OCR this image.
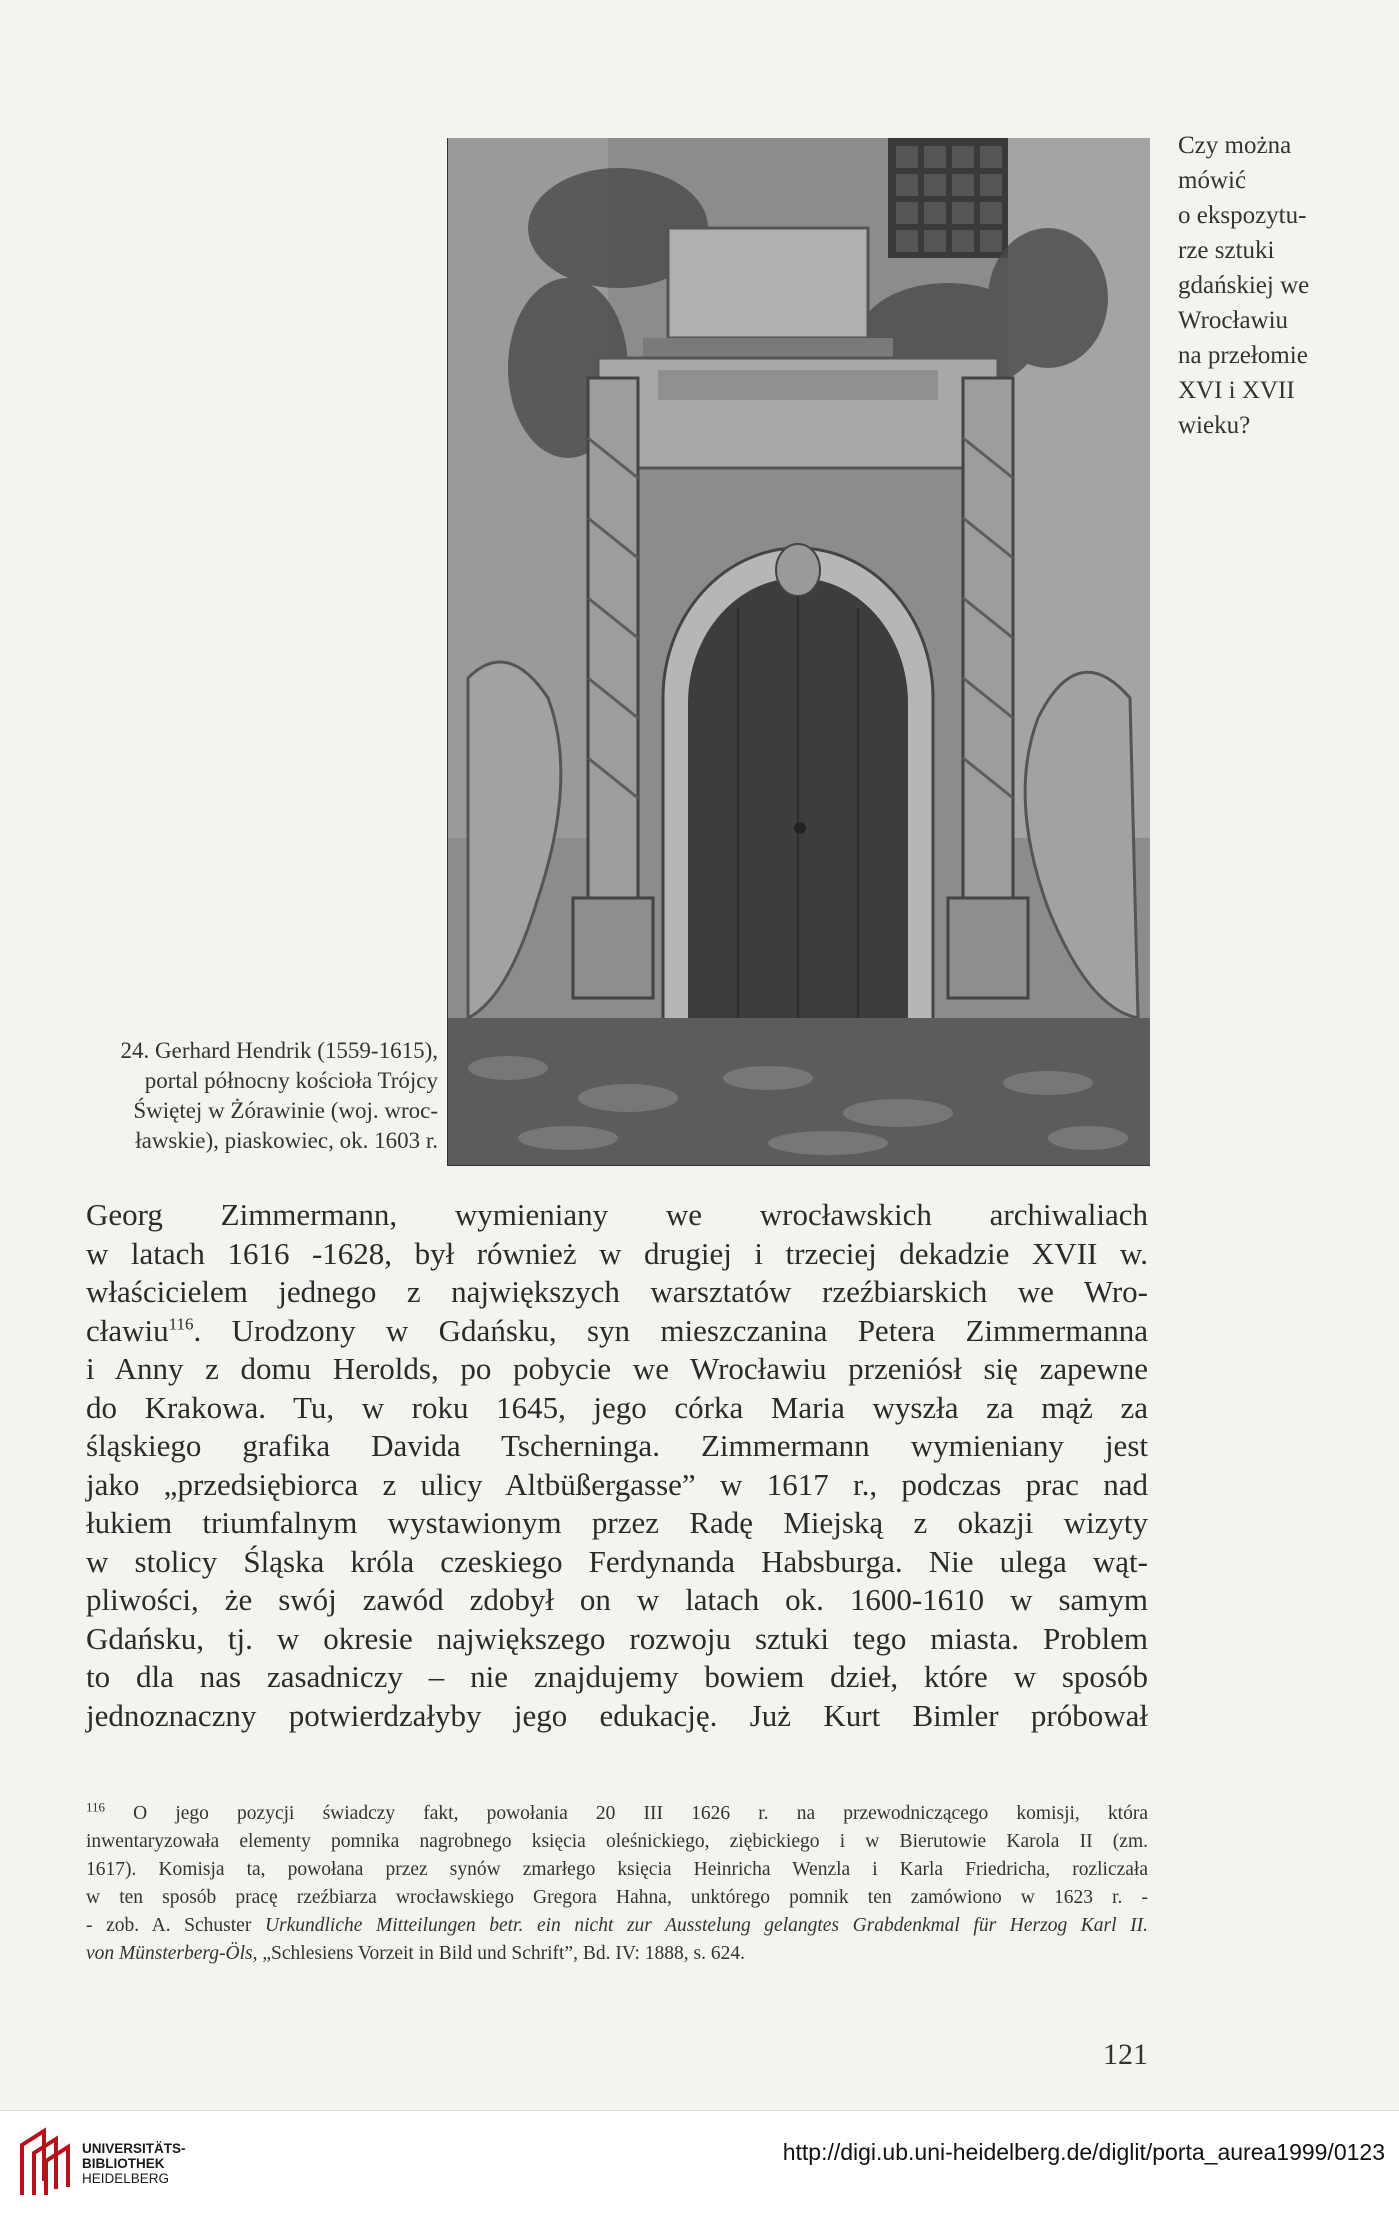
Czy można
mówić
o ekspozytu-
rze sztuki
gdańskiej we
Wrocławiu
na przełomie
XVI i XVII
wieku?
24. Gerhard Hendrik (1559-1615),
portal północny kościoła Trójcy
Świętej w Żórawinie (woj. wroc-
ławskie), piaskowiec, ok. 1603 r.
Georg Zimmermann, wymieniany we wrocławskich archiwaliach
w latach 1616 -1628, był również w drugiej i trzeciej dekadzie XVII w.
właścicielem jednego z największych warsztatów rzeźbiarskich we Wro-
cławiu$^{116}$. Urodzony w Gdańsku, syn mieszczanina Petera Zimmermanna
i Anny z domu Herolds, po pobycie we Wrocławiu przeniósł się zapewne
do Krakowa. Tu, w roku 1645, jego córka Maria wyszła za mąż za
śląskiego grafika Davida Tscherninga. Zimmermann wymieniany jest
jako „przedsiębiorca z ulicy Altbüßergasse” w 1617 r., podczas prac nad
łukiem triumfalnym wystawionym przez Radę Miejską z okazji wizyty
w stolicy Śląska króla czeskiego Ferdynanda Habsburga. Nie ulega wąt-
pliwości, że swój zawód zdobył on w latach ok. 1600-1610 w samym
Gdańsku, tj. w okresie największego rozwoju sztuki tego miasta. Problem
to dla nas zasadniczy – nie znajdujemy bowiem dzieł, które w sposób
jednoznaczny potwierdzałyby jego edukację. Już Kurt Bimler próbował
$^{116}$ O jego pozycji świadczy fakt, powołania 20 III 1626 r. na przewodniczącego komisji, która
inwentaryzowała elementy pomnika nagrobnego księcia oleśnickiego, ziębickiego i w Bierutowie Karola II (zm.
1617). Komisja ta, powołana przez synów zmarłego księcia Heinricha Wenzla i Karla Friedricha, rozliczała
w ten sposób pracę rzeźbiarza wrocławskiego Gregora Hahna, unktórego pomnik ten zamówiono w 1623 r. -
- zob. A. Schuster Urkundliche Mitteilungen betr. ein nicht zur Ausstelung gelangtes Grabdenkmal für Herzog Karl II.
von Münsterberg-Öls, „Schlesiens Vorzeit in Bild und Schrift”, Bd. IV: 1888, s. 624.
121
UNIVERSITÄTS-
BIBLIOTHEK
HEIDELBERG
http://digi.ub.uni-heidelberg.de/diglit/porta_aurea1999/0123
